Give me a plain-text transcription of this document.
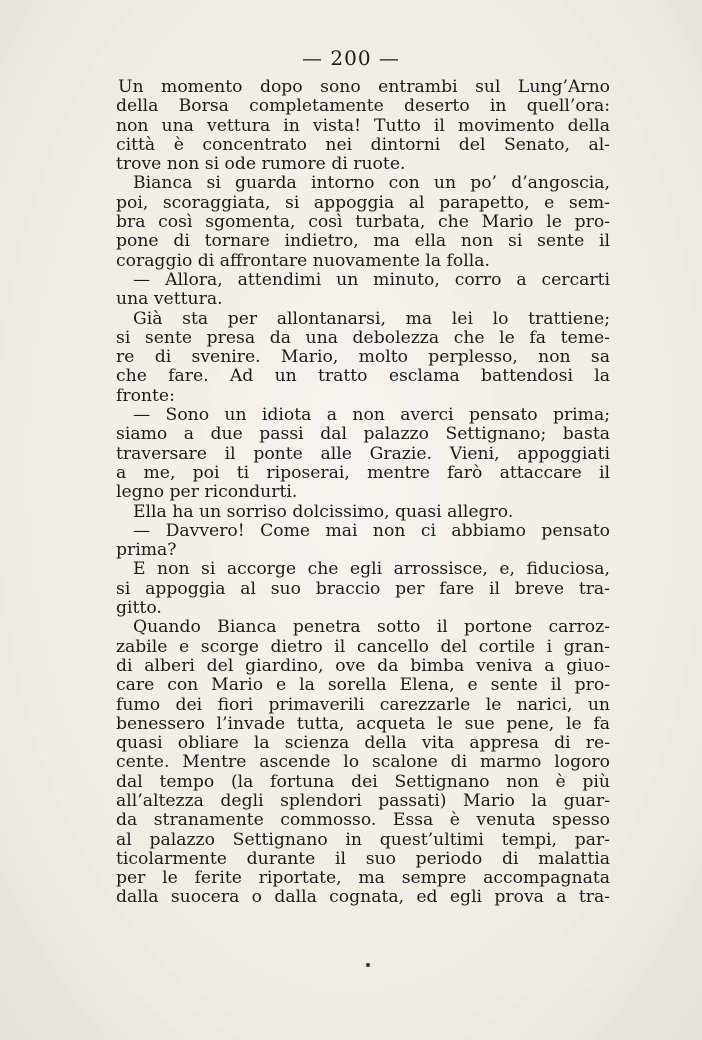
— 200 —
Un momento dopo sono entrambi sul Lung’Arno
della Borsa completamente deserto in quell’ora:
non una vettura in vista! Tutto il movimento della
città è concentrato nei dintorni del Senato, al-
trove non si ode rumore di ruote.
Bianca si guarda intorno con un po’ d’angoscia,
poi, scoraggiata, si appoggia al parapetto, e sem-
bra così sgomenta, così turbata, che Mario le pro-
pone di tornare indietro, ma ella non si sente il
coraggio di affrontare nuovamente la folla.
— Allora, attendimi un minuto, corro a cercarti
una vettura.
Già sta per allontanarsi, ma lei lo trattiene;
si sente presa da una debolezza che le fa teme-
re di svenire. Mario, molto perplesso, non sa
che fare. Ad un tratto esclama battendosi la
fronte:
— Sono un idiota a non averci pensato prima;
siamo a due passi dal palazzo Settignano; basta
traversare il ponte alle Grazie. Vieni, appoggiati
a me, poi ti riposerai, mentre farò attaccare il
legno per ricondurti.
Ella ha un sorriso dolcissimo, quasi allegro.
— Davvero! Come mai non ci abbiamo pensato
prima?
E non si accorge che egli arrossisce, e, fiduciosa,
si appoggia al suo braccio per fare il breve tra-
gitto.
Quando Bianca penetra sotto il portone carroz-
zabile e scorge dietro il cancello del cortile i gran-
di alberi del giardino, ove da bimba veniva a giuo-
care con Mario e la sorella Elena, e sente il pro-
fumo dei fiori primaverili carezzarle le narici, un
benessero l’invade tutta, acqueta le sue pene, le fa
quasi obliare la scienza della vita appresa di re-
cente. Mentre ascende lo scalone di marmo logoro
dal tempo (la fortuna dei Settignano non è più
all’altezza degli splendori passati) Mario la guar-
da stranamente commosso. Essa è venuta spesso
al palazzo Settignano in quest’ultimi tempi, par-
ticolarmente durante il suo periodo di malattia
per le ferite riportate, ma sempre accompagnata
dalla suocera o dalla cognata, ed egli prova a tra-
